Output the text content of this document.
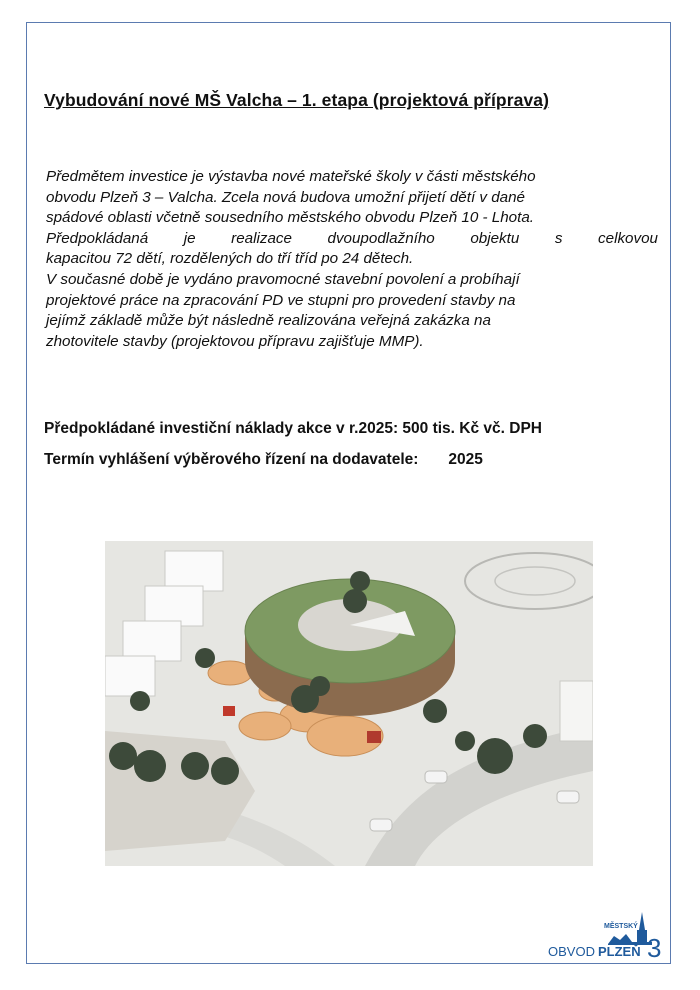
Vybudování nové MŠ Valcha – 1. etapa (projektová příprava)
Předmětem investice je výstavba nové mateřské školy v části městského
obvodu Plzeň 3 – Valcha. Zcela nová budova umožní přijetí dětí v dané
spádové oblasti včetně sousedního městského obvodu Plzeň 10 - Lhota.
Předpokládaná je realizace dvoupodlažního objektu s celkovou
kapacitou 72 dětí, rozdělených do tří tříd po 24 dětech.
V současné době je vydáno pravomocné stavební povolení a probíhají
projektové práce na zpracování PD ve stupni pro provedení stavby na
jejímž základě může být následně realizována veřejná zakázka na
zhotovitele stavby (projektovou přípravu zajišťuje MMP).
Předpokládané investiční náklady akce v r.2025: 500 tis. Kč vč. DPH
Termín vyhlášení výběrového řízení na dodavatele: 2025
MĚSTSKÝ
OBVOD PLZEŇ 3
